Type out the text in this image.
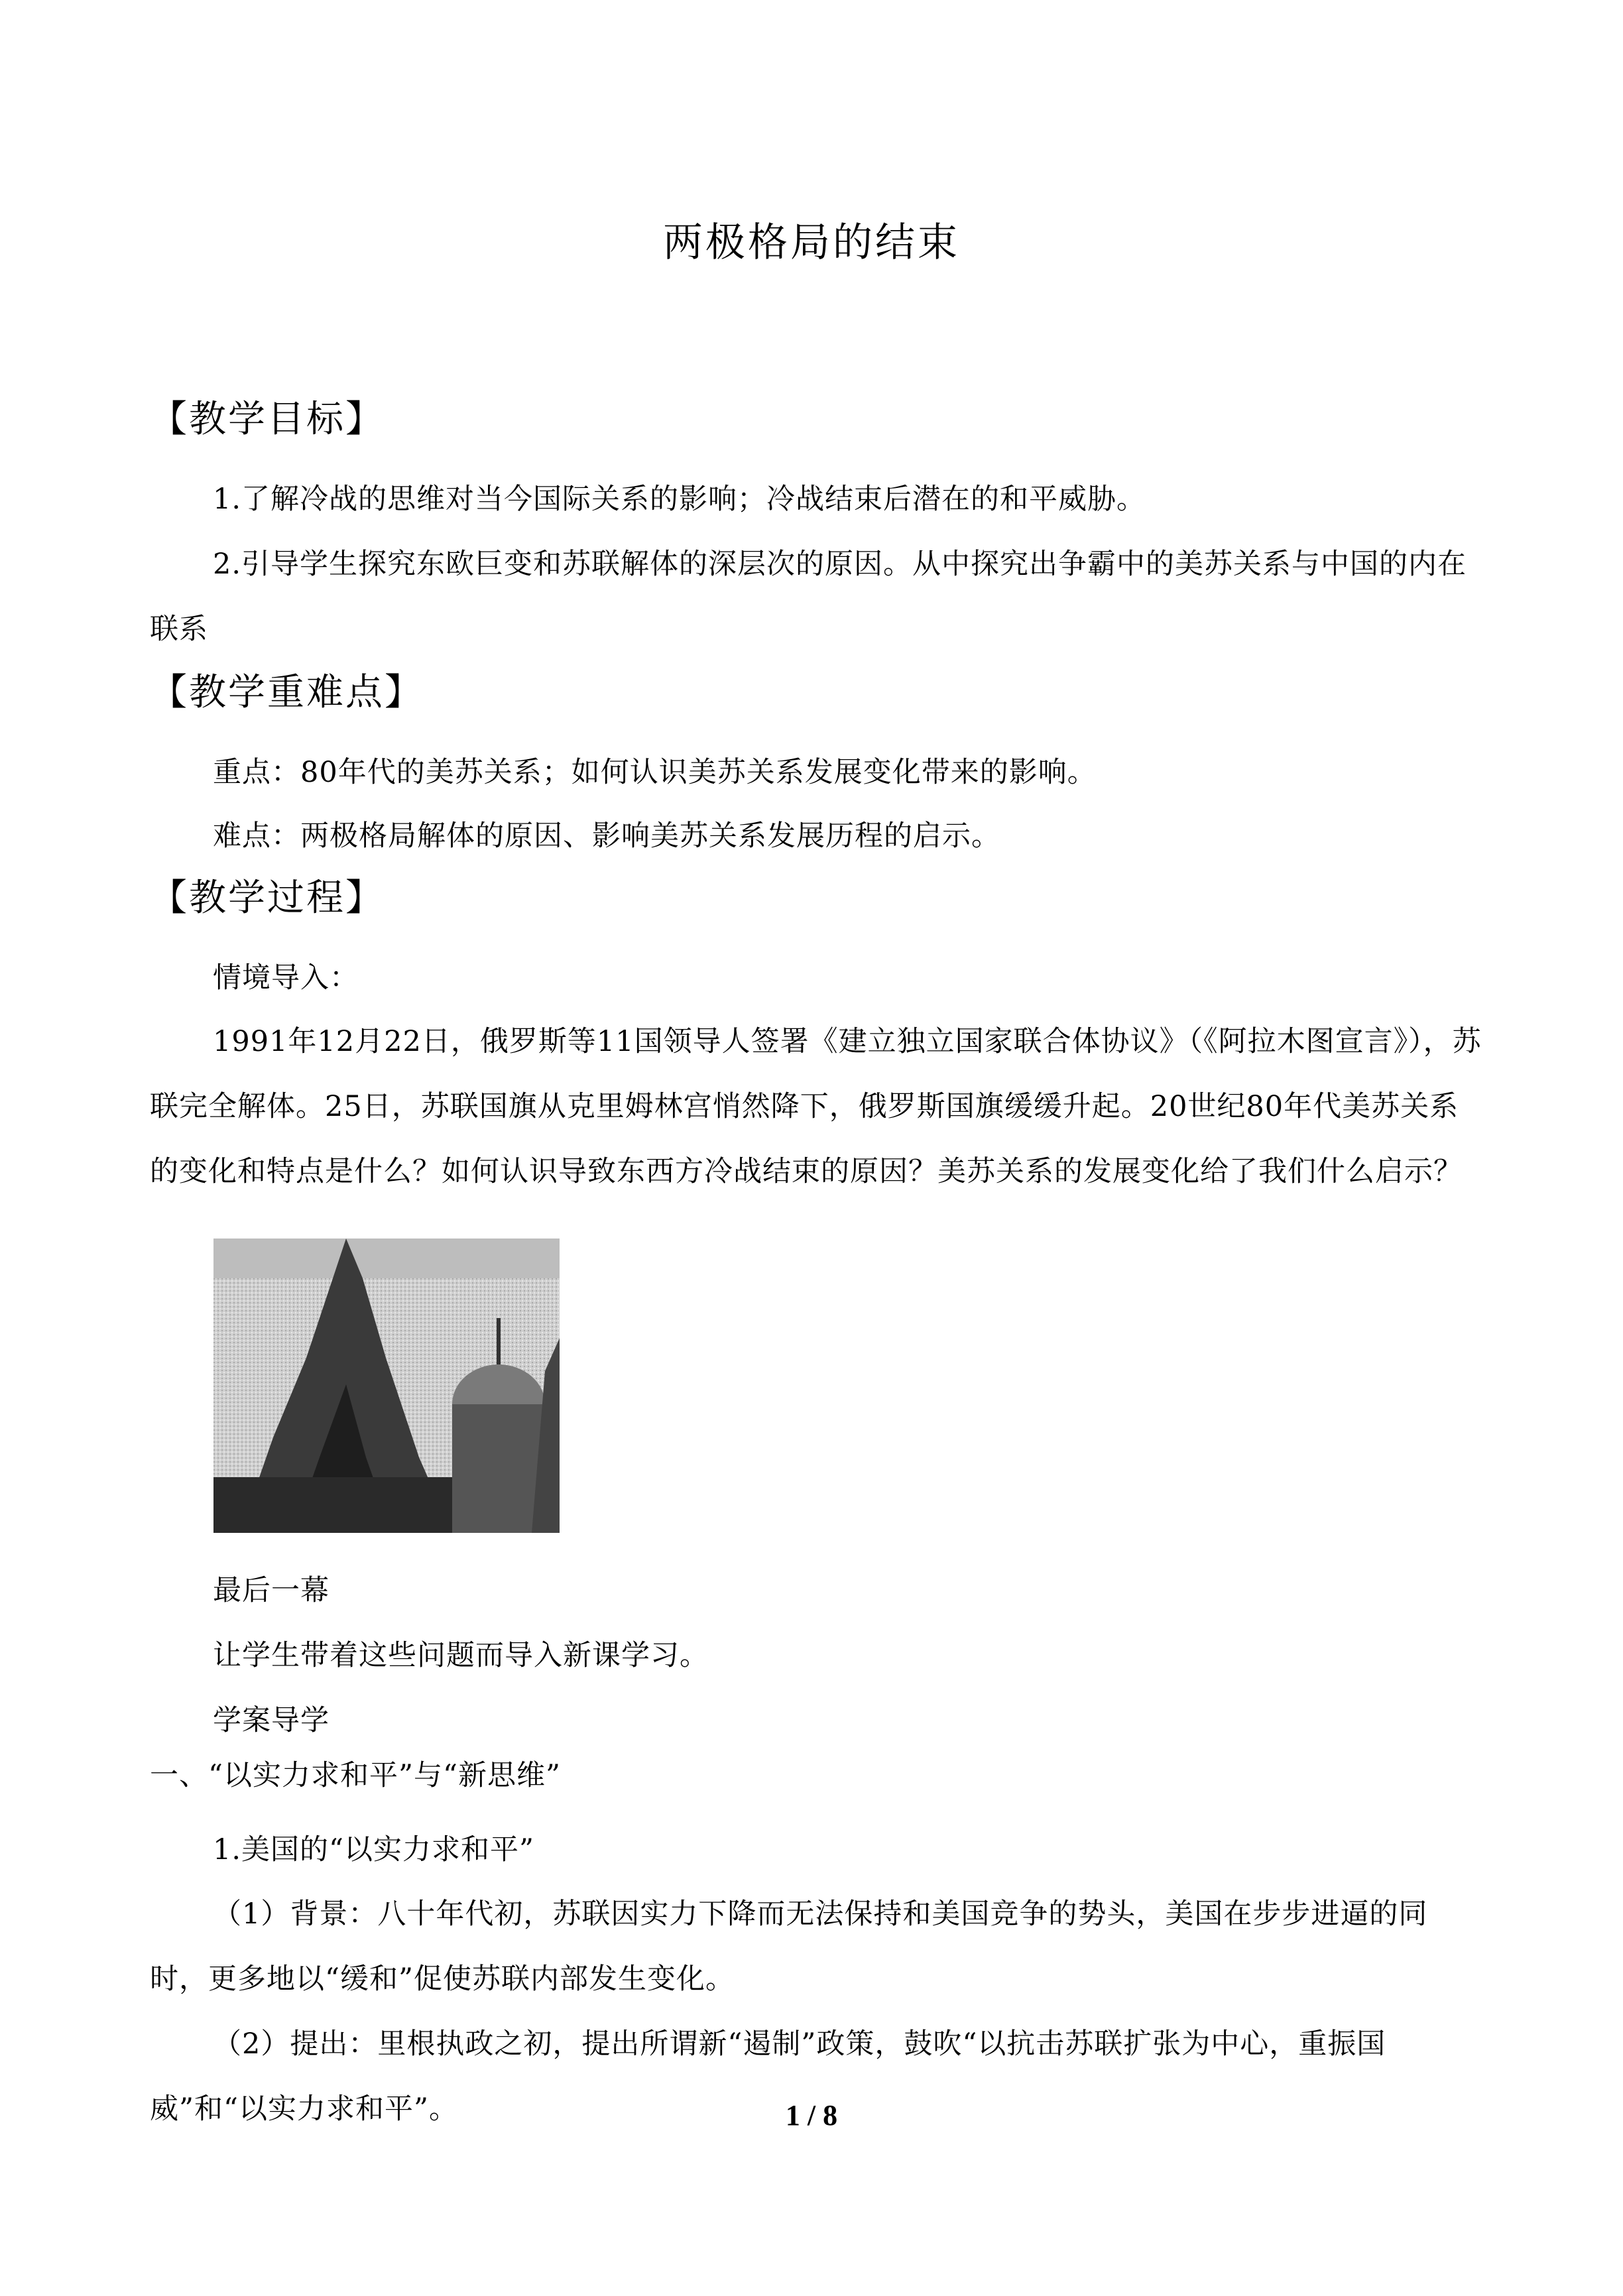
两极格局的结束
【教学目标】

1.了解冷战的思维对当今国际关系的影响；冷战结束后潜在的和平威胁。

2.引导学生探究东欧巨变和苏联解体的深层次的原因。从中探究出争霸中的美苏关系与中国的内在联系

【教学重难点】

重点：80年代的美苏关系；如何认识美苏关系发展变化带来的影响。

难点：两极格局解体的原因、影响美苏关系发展历程的启示。

【教学过程】

情境导入：

1991年12月22日，俄罗斯等11国领导人签署《建立独立国家联合体协议》（《阿拉木图宣言》），苏联完全解体。25日，苏联国旗从克里姆林宫悄然降下，俄罗斯国旗缓缓升起。20世纪80年代美苏关系的变化和特点是什么？如何认识导致东西方冷战结束的原因？美苏关系的发展变化给了我们什么启示？

最后一幕

让学生带着这些问题而导入新课学习。

学案导学

一、“以实力求和平”与“新思维”

1.美国的“以实力求和平”

（1）背景：八十年代初，苏联因实力下降而无法保持和美国竞争的势头，美国在步步进逼的同时，更多地以“缓和”促使苏联内部发生变化。

（2）提出：里根执政之初，提出所谓新“遏制”政策，鼓吹“以抗击苏联扩张为中心，重振国威”和“以实力求和平”。	1 / 8
